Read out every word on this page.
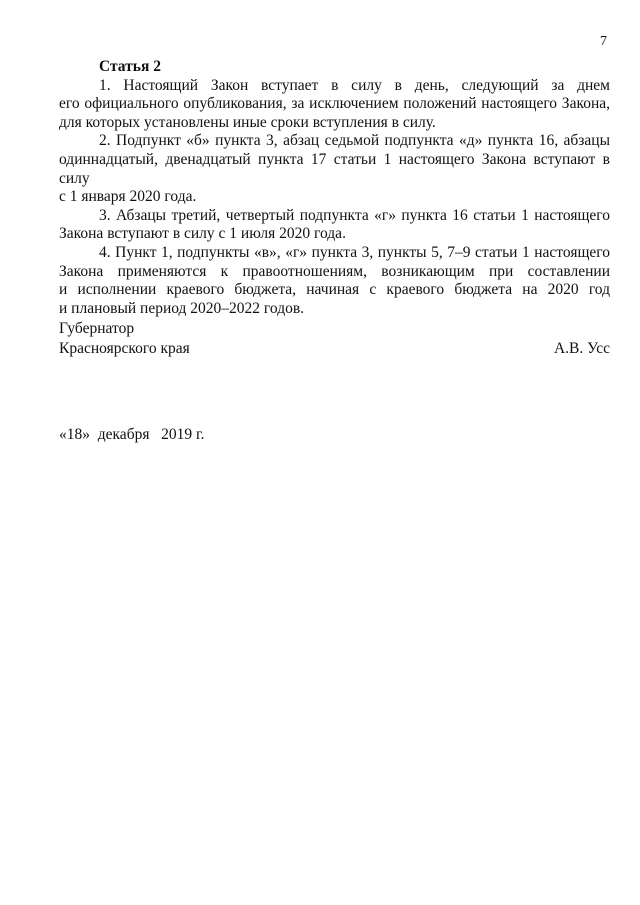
7

Статья 2

1. Настоящий Закон вступает в силу в день, следующий за днем
его официального опубликования, за исключением положений настоящего Закона,
для которых установлены иные сроки вступления в силу.

2. Подпункт «б» пункта 3, абзац седьмой подпункта «д» пункта 16, абзацы
одиннадцатый, двенадцатый пункта 17 статьи 1 настоящего Закона вступают в силу
с 1 января 2020 года.

3. Абзацы третий, четвертый подпункта «г» пункта 16 статьи 1 настоящего
Закона вступают в силу с 1 июля 2020 года.

4. Пункт 1, подпункты «в», «г» пункта 3, пункты 5, 7–9 статьи 1 настоящего
Закона применяются к правоотношениям, возникающим при составлении
и исполнении краевого бюджета, начиная с краевого бюджета на 2020 год
и плановый период 2020–2022 годов.

Губернатор
Красноярского края	А.В. Усс
«18»  декабря   2019 г.
